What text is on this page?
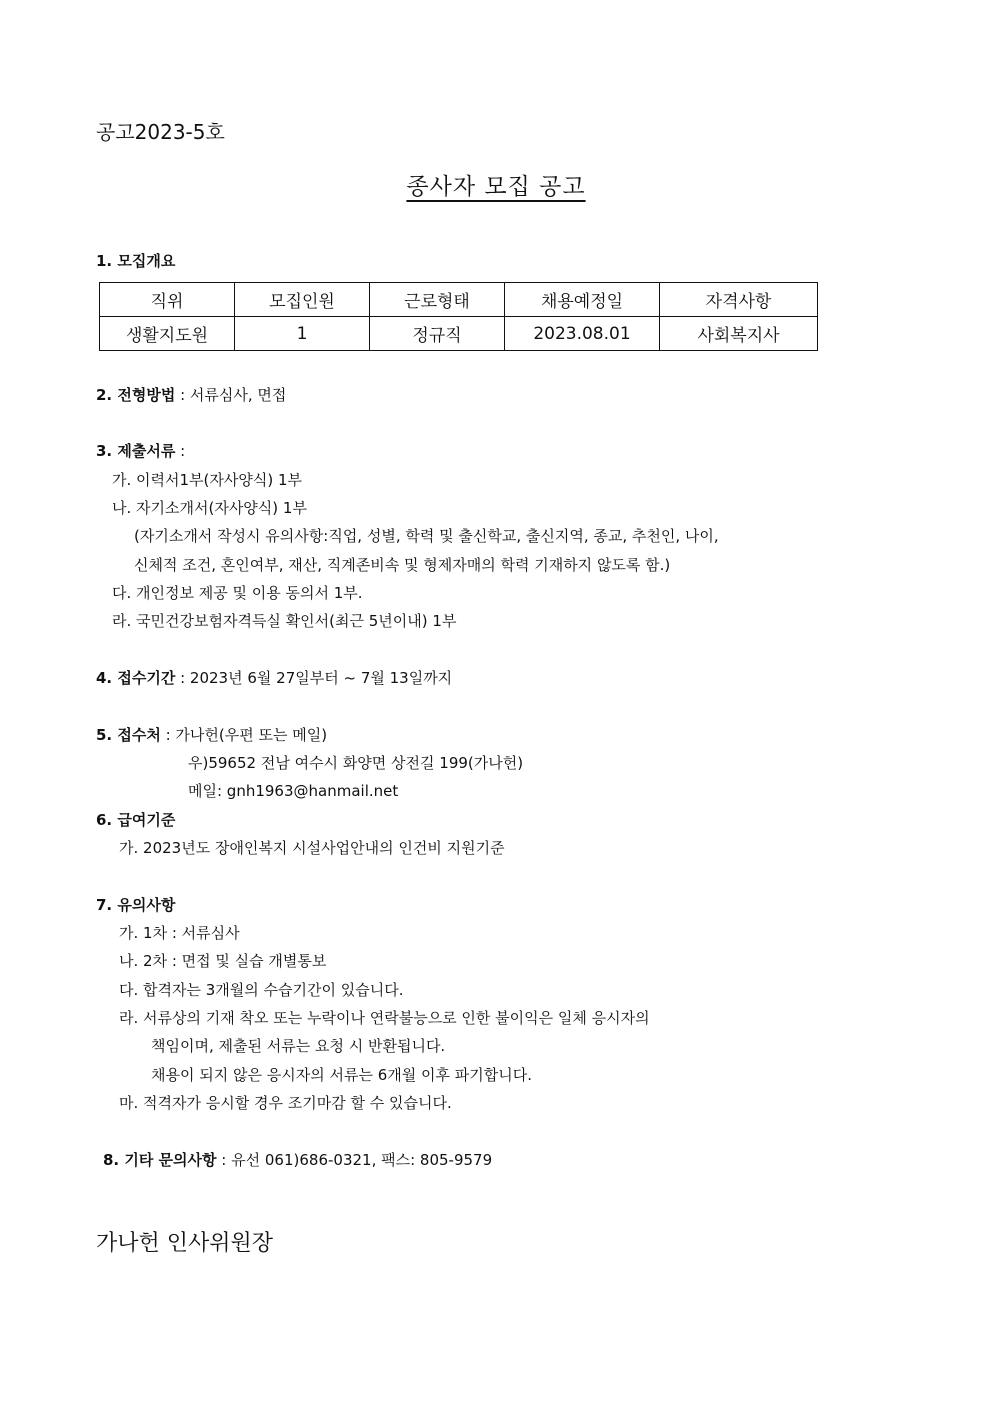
공고2023-5호
종사자 모집 공고
1. 모집개요
직위	모집인원	근로형태	채용예정일	자격사항
생활지도원	1	정규직	2023.08.01	사회복지사
2. 전형방법 : 서류심사, 면접
3. 제출서류 :
가. 이력서1부(자사양식) 1부
나. 자기소개서(자사양식) 1부
(자기소개서 작성시 유의사항:직업, 성별, 학력 및 출신학교, 출신지역, 종교, 추천인, 나이,
신체적 조건, 혼인여부, 재산, 직계존비속 및 형제자매의 학력 기재하지 않도록 함.)
다. 개인정보 제공 및 이용 동의서 1부.
라. 국민건강보험자격득실 확인서(최근 5년이내) 1부
4. 접수기간 : 2023년 6월 27일부터 ~ 7월 13일까지
5. 접수처 : 가나헌(우편 또는 메일)
우)59652 전남 여수시 화양면 상전길 199(가나헌)
메일: gnh1963@hanmail.net
6. 급여기준
가. 2023년도 장애인복지 시설사업안내의 인건비 지원기준
7. 유의사항
가. 1차 : 서류심사
나. 2차 : 면접 및 실습 개별통보
다. 합격자는 3개월의 수습기간이 있습니다.
라. 서류상의 기재 착오 또는 누락이나 연락불능으로 인한 불이익은 일체 응시자의
책임이며, 제출된 서류는 요청 시 반환됩니다.
채용이 되지 않은 응시자의 서류는 6개월 이후 파기합니다.
마. 적격자가 응시할 경우 조기마감 할 수 있습니다.
8. 기타 문의사항 : 유선 061)686-0321, 팩스: 805-9579
가나헌 인사위원장
